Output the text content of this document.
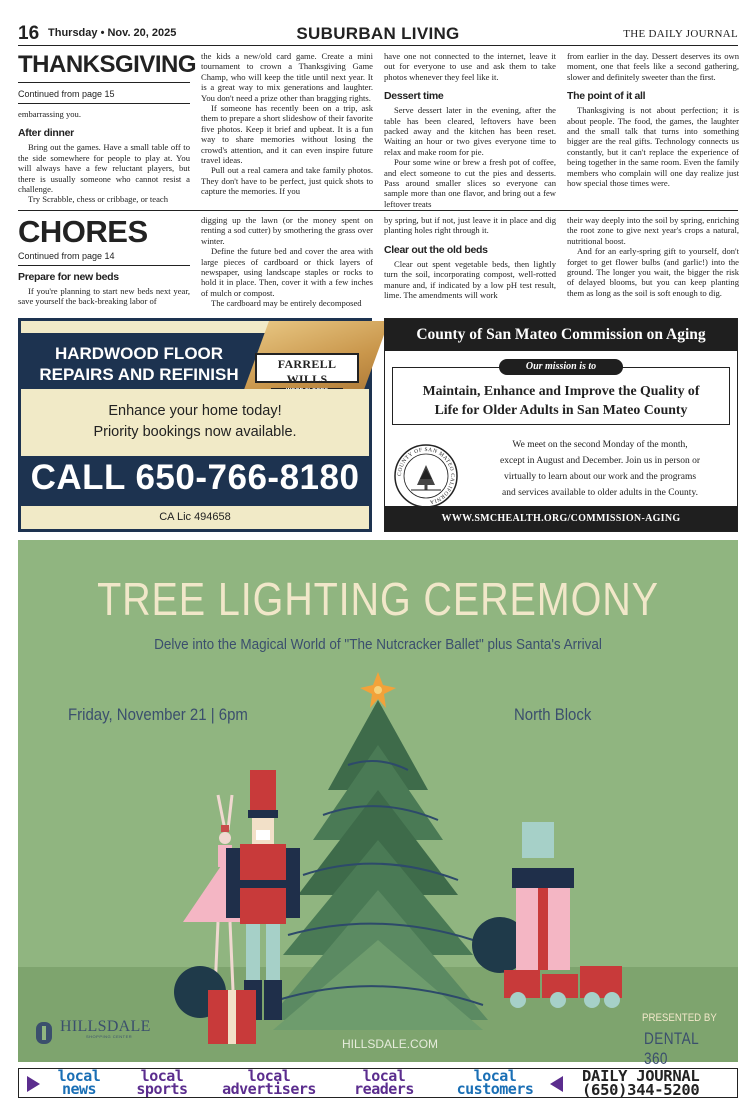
16 Thursday • Nov. 20, 2025	SUBURBAN LIVING	THE DAILY JOURNAL
THANKSGIVING
Continued from page 15

embarrassing you.

After dinner

Bring out the games. Have a small table off to the side somewhere for people to play at. You will always have a few reluctant players, but there is usually someone who cannot resist a challenge.

Try Scrabble, chess or cribbage, or teach

the kids a new/old card game. Create a mini tournament to crown a Thanksgiving Game Champ, who will keep the title until next year. It is a great way to mix generations and laughter. You don't need a prize other than bragging rights.

If someone has recently been on a trip, ask them to prepare a short slideshow of their favorite five photos. Keep it brief and upbeat. It is a fun way to share memories without losing the crowd's attention, and it can even inspire future travel ideas.

Pull out a real camera and take family photos. They don't have to be perfect, just quick shots to capture the memories. If you

have one not connected to the internet, leave it out for everyone to use and ask them to take photos whenever they feel like it.

Dessert time

Serve dessert later in the evening, after the table has been cleared, leftovers have been packed away and the kitchen has been reset. Waiting an hour or two gives everyone time to relax and make room for pie.

Pour some wine or brew a fresh pot of coffee, and elect someone to cut the pies and desserts. Pass around smaller slices so everyone can sample more than one flavor, and bring out a few leftover treats

from earlier in the day. Dessert deserves its own moment, one that feels like a second gathering, slower and definitely sweeter than the first.

The point of it all

Thanksgiving is not about perfection; it is about people. The food, the games, the laughter and the small talk that turns into something bigger are the real gifts. Technology connects us constantly, but it can't replace the experience of being together in the same room. Even the family members who complain will one day realize just how special those times were.

CHORES
Continued from page 14
Prepare for new beds

If you're planning to start new beds next year, save yourself the back-breaking labor of

digging up the lawn (or the money spent on renting a sod cutter) by smothering the grass over winter.

Define the future bed and cover the area with large pieces of cardboard or thick layers of newspaper, using landscape staples or rocks to hold it in place. Then, cover it with a few inches of mulch or compost.

The cardboard may be entirely decomposed

by spring, but if not, just leave it in place and dig planting holes right through it.

Clear out the old beds

Clear out spent vegetable beds, then lightly turn the soil, incorporating compost, well-rotted manure and, if indicated by a low pH test result, lime. The amendments will work

their way deeply into the soil by spring, enriching the root zone to give next year's crops a natural, nutritional boost.

And for an early-spring gift to yourself, don't forget to get flower bulbs (and garlic!) into the ground. The longer you wait, the bigger the risk of delayed blooms, but you can keep planting them as long as the soil is soft enough to dig.

HARDWOOD FLOOR
REPAIRS AND REFINISH
FARRELL WILLS
Enhance your home today!
Priority bookings now available.
CALL 650-766-8180
CA Lic 494658
County of San Mateo Commission on Aging
Our mission is to
Maintain, Enhance and Improve the Quality of
Life for Older Adults in San Mateo County
COUNTY OF SAN MATEO CALIFORNIA
We meet on the second Monday of the month,
except in August and December. Join us in person or
virtually to learn about our work and the programs
and services available to older adults in the County.
WWW.SMCHEALTH.ORG/COMMISSION-AGING
TREE LIGHTING CEREMONY
Delve into the Magical World of "The Nutcracker Ballet" plus Santa's Arrival
Friday, November 21 | 6pm	North Block
HILLSDALE
SHOPPING CENTER
HILLSDALE.COM
PRESENTED BY
DENTAL 360
local
news
local
sports
local
advertisers
local
readers
local
customers
DAILY JOURNAL
(650)344-5200
